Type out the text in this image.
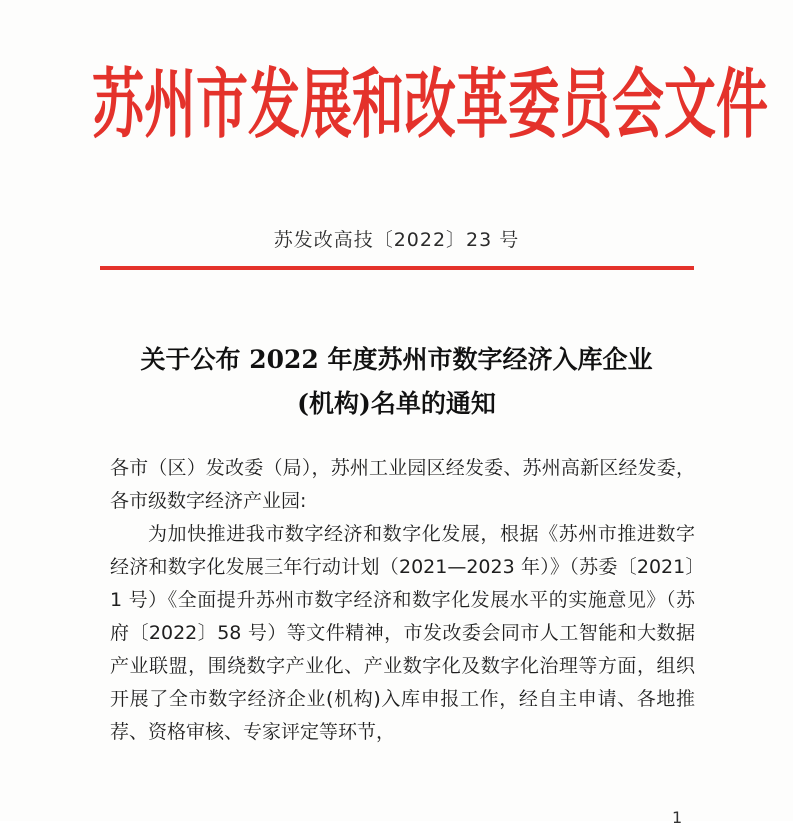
苏州市发展和改革委员会文件
苏发改高技〔2022〕23 号
关于公布 2022 年度苏州市数字经济入库企业
(机构)名单的通知

各市（区）发改委（局），苏州工业园区经发委、苏州高新区经发委，各市级数字经济产业园:

为加快推进我市数字经济和数字化发展，根据《苏州市推进数字经济和数字化发展三年行动计划（2021—2023 年）》（苏委〔2021〕1 号）《全面提升苏州市数字经济和数字化发展水平的实施意见》（苏府〔2022〕58 号）等文件精神，市发改委会同市人工智能和大数据产业联盟，围绕数字产业化、产业数字化及数字化治理等方面，组织开展了全市数字经济企业(机构)入库申报工作，经自主申请、各地推荐、资格审核、专家评定等环节，

1
